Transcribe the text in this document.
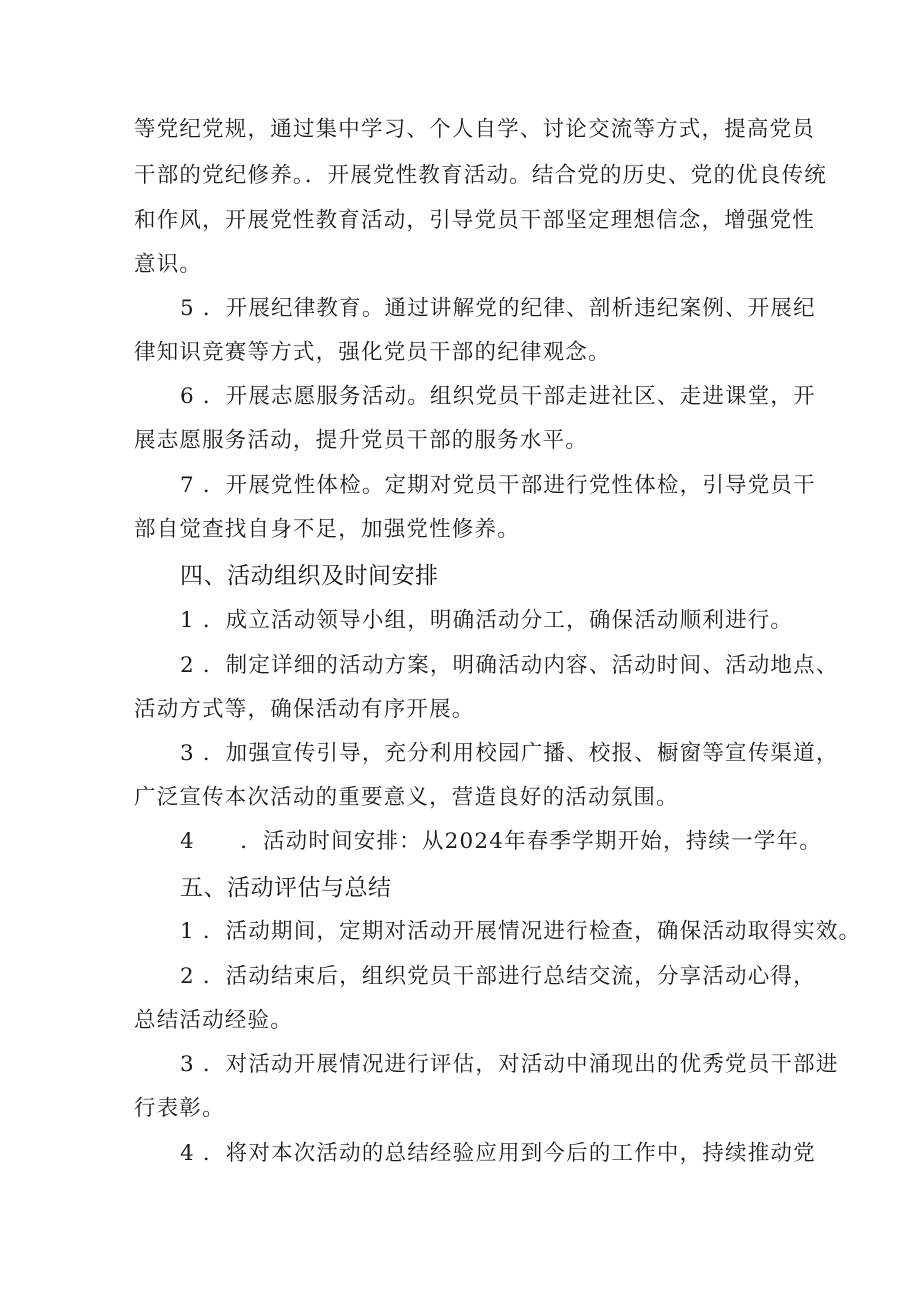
等党纪党规，通过集中学习、个人自学、讨论交流等方式，提高党员
干部的党纪修养。．开展党性教育活动。结合党的历史、党的优良传统
和作风，开展党性教育活动，引导党员干部坚定理想信念，增强党性
意识。
5 ．开展纪律教育。通过讲解党的纪律、剖析违纪案例、开展纪
律知识竞赛等方式，强化党员干部的纪律观念。
6 ．开展志愿服务活动。组织党员干部走进社区、走进课堂，开
展志愿服务活动，提升党员干部的服务水平。
7 ．开展党性体检。定期对党员干部进行党性体检，引导党员干
部自觉查找自身不足，加强党性修养。
四、活动组织及时间安排
1 ．成立活动领导小组，明确活动分工，确保活动顺利进行。
2 ．制定详细的活动方案，明确活动内容、活动时间、活动地点、
活动方式等，确保活动有序开展。
3 ．加强宣传引导，充分利用校园广播、校报、橱窗等宣传渠道，
广泛宣传本次活动的重要意义，营造良好的活动氛围。
4　　．活动时间安排：从2024年春季学期开始，持续一学年。
五、活动评估与总结
1 ．活动期间，定期对活动开展情况进行检查，确保活动取得实效。
2 ．活动结束后，组织党员干部进行总结交流，分享活动心得，
总结活动经验。
3 ．对活动开展情况进行评估，对活动中涌现出的优秀党员干部进
行表彰。
4 ．将对本次活动的总结经验应用到今后的工作中，持续推动党
